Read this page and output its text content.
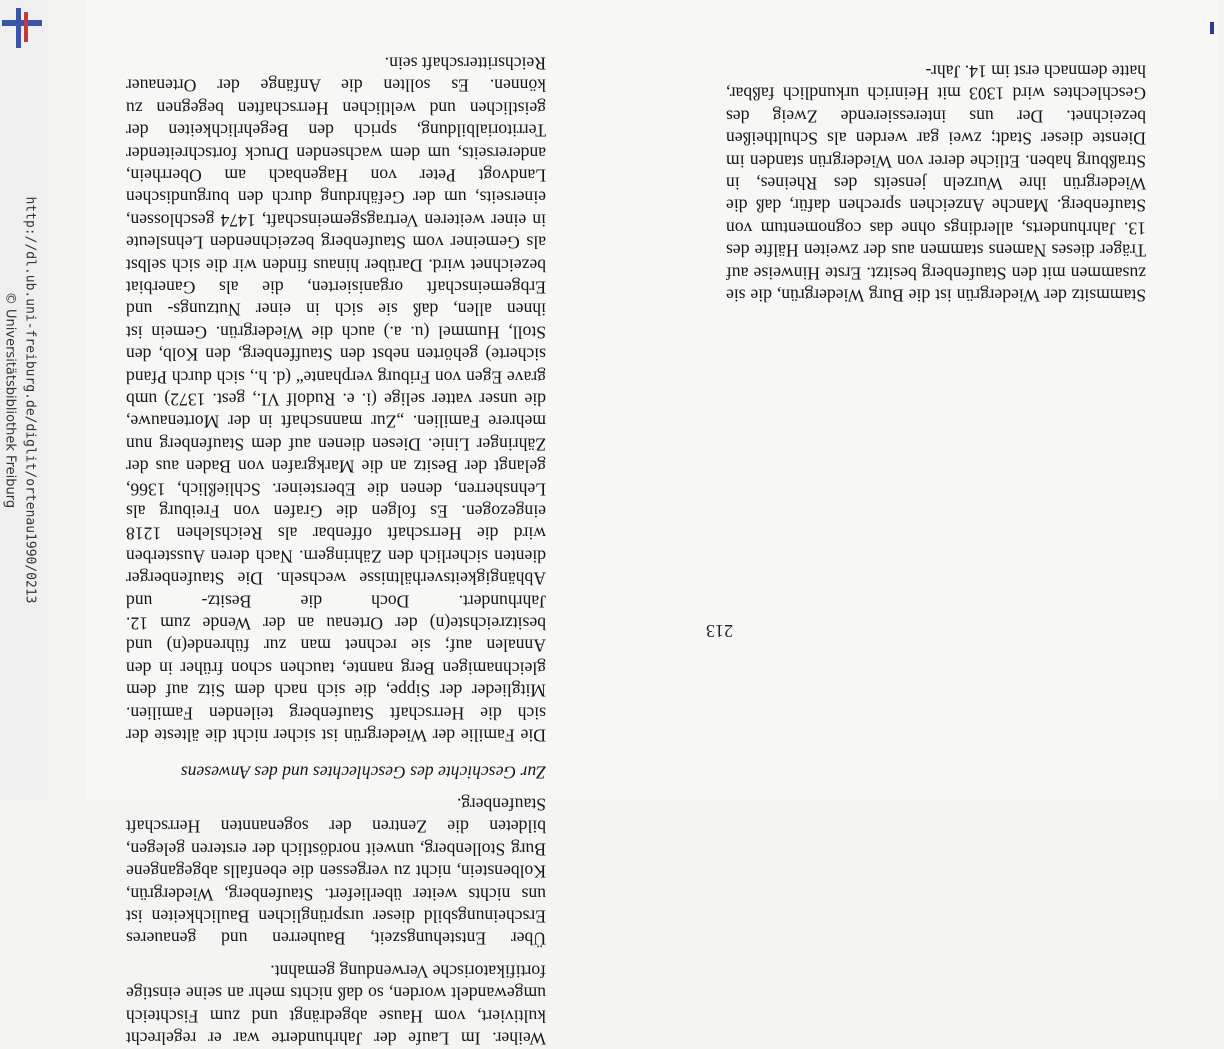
© Universitätsbibliothek Freiburg http://dl.ub.uni-freiburg.de/diglit/ortenau1990/0213	Stammsitz der Wiedergrün ist die Burg Wiedergrün, die sie zusammen mit den Staufenberg besitzt. Erste Hinweise auf Träger dieses Namens stammen aus der zweiten Hälfte des 13. Jahrhunderts, allerdings ohne das cognomentum von Staufenberg. Manche Anzeichen sprechen dafür, daß die Wiedergrün ihre Wurzeln jenseits des Rheines, in Straßburg haben. Etliche derer von Wiedergrün standen im Dienste dieser Stadt; zwei gar werden als Schultheißen bezeichnet. Der uns interessierende Zweig des Geschlechtes wird 1303 mit Heinrich urkundlich faßbar, hatte demnach erst im 14. Jahr-

Weiher. Im Laufe der Jahrhunderte war er regelrecht kultiviert, vom Hause abgedrängt und zum Fischteich umgewandelt worden, so daß nichts mehr an seine einstige fortifikatorische Verwendung gemahnt.

Über Entstehungszeit, Bauherren und genaueres Erscheinungsbild dieser ursprünglichen Baulichkeiten ist uns nichts weiter überliefert. Staufenberg, Wiedergrün, Kolbenstein, nicht zu vergessen die ebenfalls abgegangene Burg Stollenberg, unweit nordöstlich der ersteren gelegen, bildeten die Zentren der sogenannten Herrschaft Staufenberg.

Zur Geschichte des Geschlechtes und des Anwesens

Die Familie der Wiedergrün ist sicher nicht die älteste der sich die Herrschaft Staufenberg teilenden Familien. Mitglieder der Sippe, die sich nach dem Sitz auf dem gleichnamigen Berg nannte, tauchen schon früher in den Annalen auf; sie rechnet man zur führende(n) und besitzreichste(n) der Ortenau an der Wende zum 12. Jahrhundert. Doch die Besitz- und Abhängigkeitsverhältnisse wechseln. Die Staufenberger dienten sicherlich den Zähringern. Nach deren Aussterben wird die Herrschaft offenbar als Reichslehen 1218 eingezogen. Es folgen die Grafen von Freiburg als Lehnsherren, denen die Ebersteiner. Schließlich, 1366, gelangt der Besitz an die Markgrafen von Baden aus der Zähringer Linie. Diesen dienen auf dem Staufenberg nun mehrere Familien. „Zur mannschaft in der Mortenauwe, die unser vatter selige (i. e. Rudolf VI., gest. 1372) umb grave Egen von Friburg verphante“ (d. h., sich durch Pfand sicherte) gehörten nebst den Stauffenberg, den Kolb, den Stoll, Hummel (u. a.) auch die Wiedergrün. Gemein ist ihnen allen, daß sie sich in einer Nutzungs- und Erbgemeinschaft organisierten, die als Ganerbiat bezeichnet wird. Darüber hinaus finden wir die sich selbst als Gemeiner vom Staufenberg bezeichnenden Lehnsleute in einer weiteren Vertragsgemeinschaft, 1474 geschlossen, einerseits, um der Gefährdung durch den burgundischen Landvogt Peter von Hagenbach am Oberrhein, andererseits, um dem wachsenden Druck fortschreitender Territorialbildung, sprich den Begehrlichkeiten der geistlichen und weltlichen Herrschaften begegnen zu können. Es sollten die Anfänge der Ortenauer Reichsritterschaft sein.

213
